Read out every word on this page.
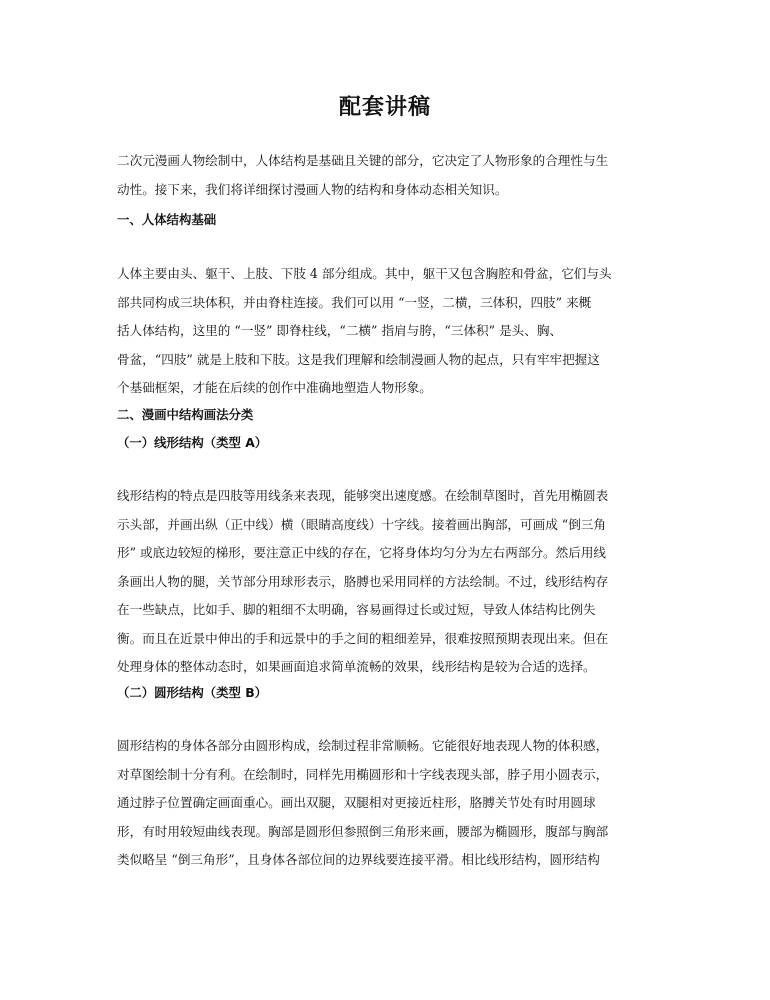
配套讲稿
二次元漫画人物绘制中，人体结构是基础且关键的部分，它决定了人物形象的合理性与生
动性。接下来，我们将详细探讨漫画人物的结构和身体动态相关知识。
一、人体结构基础
人体主要由头、躯干、上肢、下肢 4 部分组成。其中，躯干又包含胸腔和骨盆，它们与头
部共同构成三块体积，并由脊柱连接。我们可以用 “一竖，二横，三体积，四肢” 来概
括人体结构，这里的 “一竖” 即脊柱线，“二横” 指肩与胯，“三体积” 是头、胸、
骨盆，“四肢” 就是上肢和下肢。这是我们理解和绘制漫画人物的起点，只有牢牢把握这
个基础框架，才能在后续的创作中准确地塑造人物形象。
二、漫画中结构画法分类
（一）线形结构（类型 A）
线形结构的特点是四肢等用线条来表现，能够突出速度感。在绘制草图时，首先用椭圆表
示头部，并画出纵（正中线）横（眼睛高度线）十字线。接着画出胸部，可画成 “倒三角
形” 或底边较短的梯形，要注意正中线的存在，它将身体均匀分为左右两部分。然后用线
条画出人物的腿，关节部分用球形表示，胳膊也采用同样的方法绘制。不过，线形结构存
在一些缺点，比如手、脚的粗细不太明确，容易画得过长或过短，导致人体结构比例失
衡。而且在近景中伸出的手和远景中的手之间的粗细差异，很难按照预期表现出来。但在
处理身体的整体动态时，如果画面追求简单流畅的效果，线形结构是较为合适的选择。
（二）圆形结构（类型 B）
圆形结构的身体各部分由圆形构成，绘制过程非常顺畅。它能很好地表现人物的体积感，
对草图绘制十分有利。在绘制时，同样先用椭圆形和十字线表现头部，脖子用小圆表示，
通过脖子位置确定画面重心。画出双腿，双腿相对更接近柱形，胳膊关节处有时用圆球
形，有时用较短曲线表现。胸部是圆形但参照倒三角形来画，腰部为椭圆形，腹部与胸部
类似略呈 “倒三角形”，且身体各部位间的边界线要连接平滑。相比线形结构，圆形结构
